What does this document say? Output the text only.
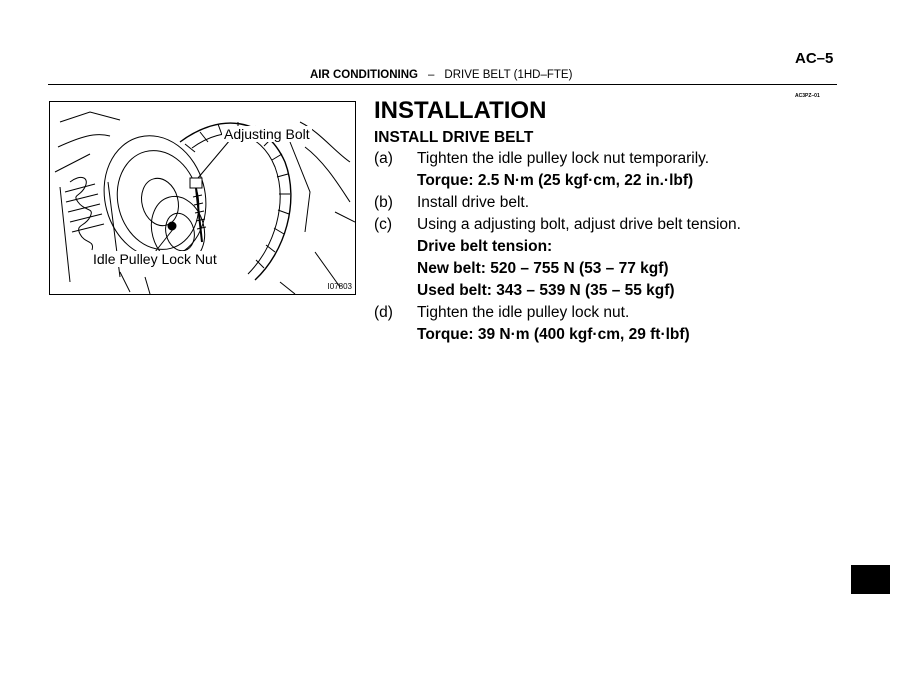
AC–5
AIR CONDITIONING – DRIVE BELT (1HD–FTE)
AC3PZ–01
Adjusting Bolt
Idle Pulley Lock Nut
I07803
INSTALLATION
INSTALL DRIVE BELT
(a)	Tighten the idle pulley lock nut temporarily.
Torque: 2.5 N·m (25 kgf·cm, 22 in.·lbf)
(b)	Install drive belt.
(c)	Using a adjusting bolt, adjust drive belt tension.
Drive belt tension:
New belt: 520 – 755 N (53 – 77 kgf)
Used belt: 343 – 539 N (35 – 55 kgf)
(d)	Tighten the idle pulley lock nut.
Torque: 39 N·m (400 kgf·cm, 29 ft·lbf)
